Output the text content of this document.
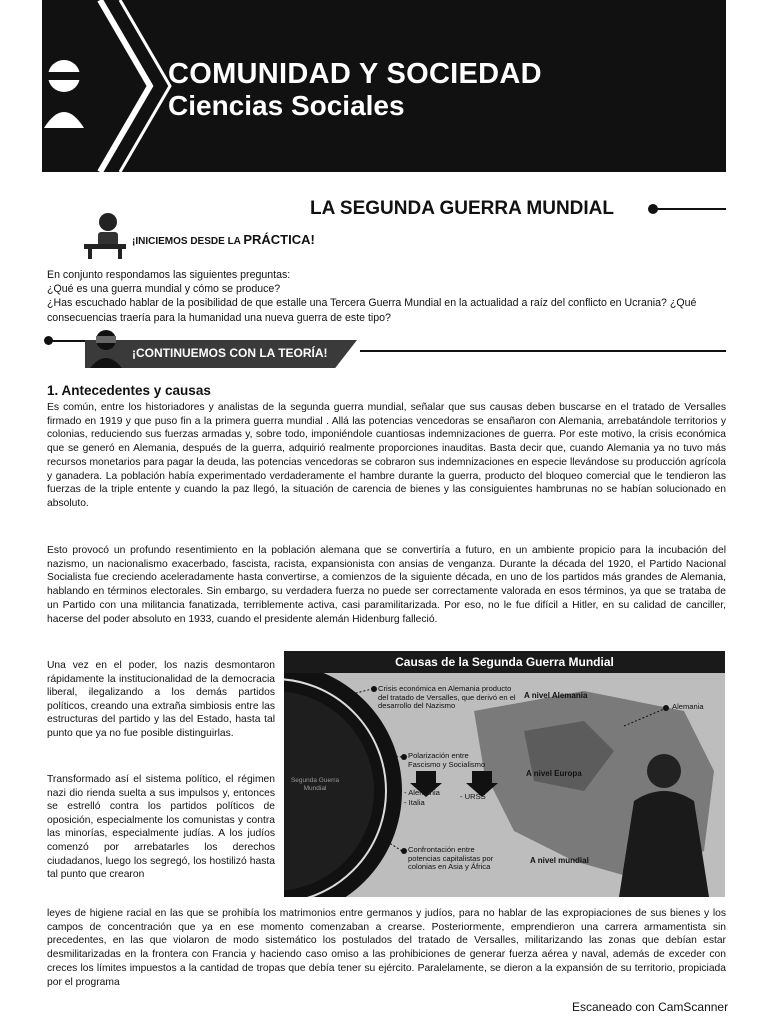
COMUNIDAD Y SOCIEDAD
Ciencias Sociales
LA SEGUNDA GUERRA MUNDIAL
¡INICIEMOS DESDE LA PRÁCTICA!
En conjunto respondamos las siguientes preguntas:
¿Qué es una guerra mundial y cómo se produce?
¿Has escuchado hablar de la posibilidad de que estalle una Tercera Guerra Mundial en la actualidad a raíz del conflicto en Ucrania? ¿Qué consecuencias traería para la humanidad una nueva guerra de este tipo?
¡CONTINUEMOS CON LA TEORÍA!
1. Antecedentes y causas
Es común, entre los historiadores y analistas de la segunda guerra mundial, señalar que sus causas deben buscarse en el tratado de Versalles firmado en 1919 y que puso fin a la primera guerra mundial . Allá las potencias vencedoras se ensañaron con Alemania, arrebatándole territorios y colonias, reduciendo sus fuerzas armadas y, sobre todo, imponiéndole cuantiosas indemnizaciones de guerra. Por este motivo, la crisis económica que se generó en Alemania, después de la guerra, adquirió realmente proporciones inauditas. Basta decir que, cuando Alemania ya no tuvo más recursos monetarios para pagar la deuda, las potencias vencedoras se cobraron sus indemnizaciones en especie llevándose su producción agrícola y ganadera. La población había experimentado verdaderamente el hambre durante la guerra, producto del bloqueo comercial que le tendieron las fuerzas de la triple entente y cuando la paz llegó, la situación de carencia de bienes y las consiguientes hambrunas no se habían solucionado en absoluto.
Esto provocó un profundo resentimiento en la población alemana que se convertiría a futuro, en un ambiente propicio para la incubación del nazismo, un nacionalismo exacerbado, fascista, racista, expansionista con ansias de venganza. Durante la década del 1920, el Partido Nacional Socialista fue creciendo aceleradamente hasta convertirse, a comienzos de la siguiente década, en uno de los partidos más grandes de Alemania, hablando en términos electorales. Sin embargo, su verdadera fuerza no puede ser correctamente valorada en esos términos, ya que se trataba de un Partido con una militancia fanatizada, terriblemente activa, casi paramilitarizada. Por eso, no le fue difícil a Hitler, en su calidad de canciller, hacerse del poder absoluto en 1933, cuando el presidente alemán Hidenburg falleció.
Una vez en el poder, los nazis desmontaron rápidamente la institucionalidad de la democracia liberal, ilegalizando a los demás partidos políticos, creando una extraña simbiosis entre las estructuras del partido y las del Estado, hasta tal punto que ya no fue posible distinguirlas.
Transformado así el sistema político, el régimen nazi dio rienda suelta a sus impulsos y, entonces se estrelló contra los partidos políticos de oposición, especialmente los comunistas y contra las minorías, especialmente judías. A los judíos comenzó por arrebatarles los derechos ciudadanos, luego los segregó, los hostilizó hasta tal punto que crearon
Causas de la Segunda Guerra Mundial
Segunda Guerra Mundial
Crisis económica en Alemania producto del tratado de Versalles, que derivó en el desarrollo del Nazismo
Polarización entre Fascismo y Socialismo
- Alemania
- Italia
- URSS
Confrontación entre potencias capitalistas por colonias en Asia y África
A nivel Alemania
A nivel Europa
A nivel mundial
Alemania
leyes de higiene racial en las que se prohibía los matrimonios entre germanos y judíos, para no hablar de las expropiaciones de sus bienes y los campos de concentración que ya en ese momento comenzaban a crearse. Posteriormente, emprendieron una carrera armamentista sin precedentes, en las que violaron de modo sistemático los postulados del tratado de Versalles, militarizando las zonas que debían estar desmilitarizadas en la frontera con Francia y haciendo caso omiso a las prohibiciones de generar fuerza aérea y naval, además de exceder con creces los límites impuestos a la cantidad de tropas que debía tener su ejército. Paralelamente, se dieron a la expansión de su territorio, propiciada por el programa
Escaneado con CamScanner
